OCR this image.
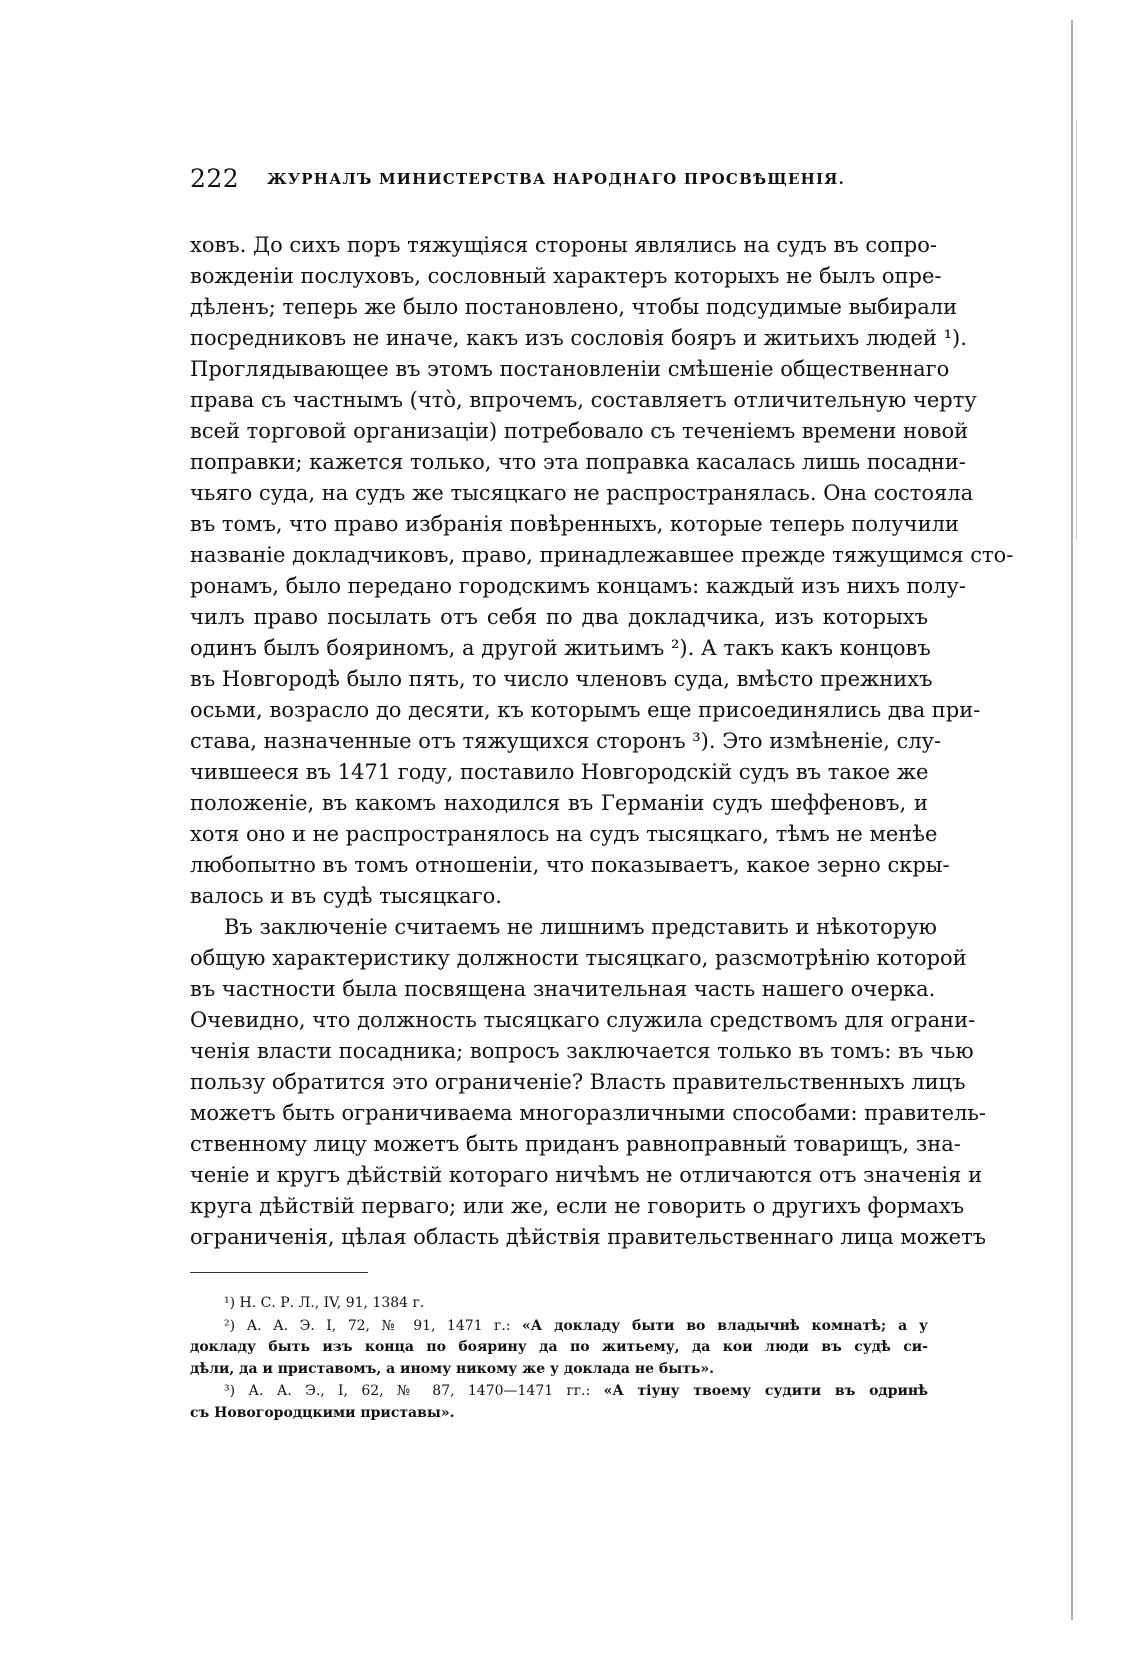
222 ЖУРНАЛЪ МИНИСТЕРСТВА НАРОДНАГО ПРОСВѢЩЕНІЯ.

ховъ. До сихъ поръ тяжущіяся стороны являлись на судъ въ сопро-
вожденіи послуховъ, сословный характеръ которыхъ не былъ опре-
дѣленъ; теперь же было постановлено, чтобы подсудимые выбирали
посредниковъ не иначе, какъ изъ сословія бояръ и житьихъ людей ¹).
Проглядывающее въ этомъ постановленіи смѣшеніе общественнаго
права съ частнымъ (что̀, впрочемъ, составляетъ отличительную черту
всей торговой организаціи) потребовало съ теченіемъ времени новой
поправки; кажется только, что эта поправка касалась лишь посадни-
чьяго суда, на судъ же тысяцкаго не распространялась. Она состояла
въ томъ, что право избранія повѣренныхъ, которые теперь получили
названіе докладчиковъ, право, принадлежавшее прежде тяжущимся сто-
ронамъ, было передано городскимъ концамъ: каждый изъ нихъ полу-
чилъ право посылать отъ себя по два докладчика, изъ которыхъ
одинъ былъ бояриномъ, а другой житьимъ ²). А такъ какъ концовъ
въ Новгородѣ было пять, то число членовъ суда, вмѣсто прежнихъ
осьми, возрасло до десяти, къ которымъ еще присоединялись два при-
става, назначенные отъ тяжущихся сторонъ ³). Это измѣненіе, слу-
чившееся въ 1471 году, поставило Новгородскій судъ въ такое же
положеніе, въ какомъ находился въ Германіи судъ шеффеновъ, и
хотя оно и не распространялось на судъ тысяцкаго, тѣмъ не менѣе
любопытно въ томъ отношеніи, что показываетъ, какое зерно скры-
валось и въ судѣ тысяцкаго.

Въ заключеніе считаемъ не лишнимъ представить и нѣкоторую
общую характеристику должности тысяцкаго, разсмотрѣнію которой
въ частности была посвящена значительная часть нашего очерка.
Очевидно, что должность тысяцкаго служила средствомъ для ограни-
ченія власти посадника; вопросъ заключается только въ томъ: въ чью
пользу обратится это ограниченіе? Власть правительственныхъ лицъ
можетъ быть ограничиваема многоразличными способами: правитель-
ственному лицу можетъ быть приданъ равноправный товарищъ, зна-
ченіе и кругъ дѣйствій котораго ничѣмъ не отличаются отъ значенія и
круга дѣйствій перваго; или же, если не говорить о другихъ формахъ
ограниченія, цѣлая область дѣйствія правительственнаго лица можетъ

¹) Н. С. Р. Л., IV, 91, 1384 г.
²) А. А. Э. I, 72, № 91, 1471 г.: «А докладу быти во владычнѣ комнатѣ; а у
докладу быть изъ конца по боярину да по житьему, да кои люди въ судѣ си-
дѣли, да и приставомъ, а иному никому же у доклада не быть».
³) А. А. Э., I, 62, № 87, 1470—1471 гг.: «А тіуну твоему судити въ одринѣ
съ Новогородцкими приставы».
